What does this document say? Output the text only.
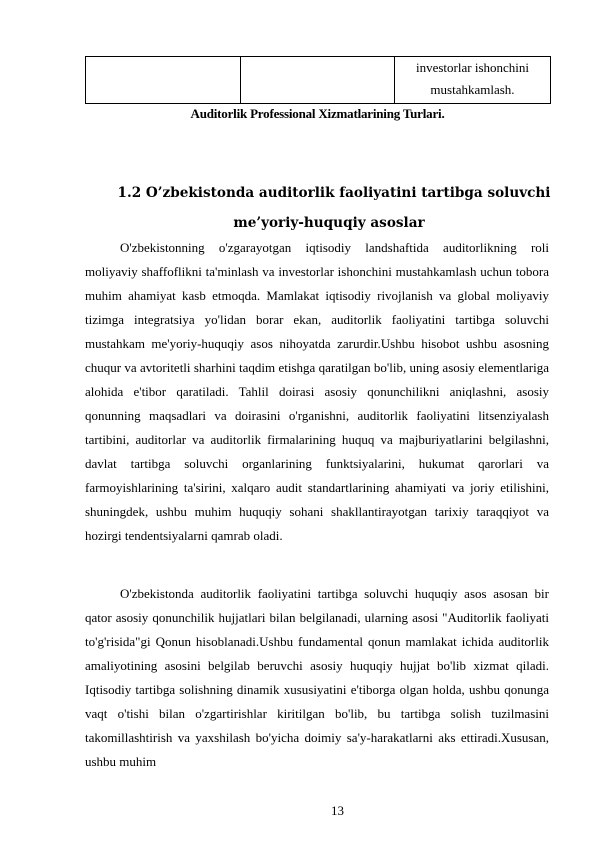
investorlar ishonchini
mustahkamlash.
Auditorlik Professional Xizmatlarining Turlari.
1.2 O’zbekistonda auditorlik faoliyatini tartibga soluvchi
me’yoriy-huquqiy asoslar

O'zbekistonning o'zgarayotgan iqtisodiy landshaftida auditorlikning roli moliyaviy shaffoflikni ta'minlash va investorlar ishonchini mustahkamlash uchun tobora muhim ahamiyat kasb etmoqda. Mamlakat iqtisodiy rivojlanish va global moliyaviy tizimga integratsiya yo'lidan borar ekan, auditorlik faoliyatini tartibga soluvchi mustahkam me'yoriy-huquqiy asos nihoyatda zarurdir.Ushbu hisobot ushbu asosning chuqur va avtoritetli sharhini taqdim etishga qaratilgan bo'lib, uning asosiy elementlariga alohida e'tibor qaratiladi. Tahlil doirasi asosiy qonunchilikni aniqlashni, asosiy qonunning maqsadlari va doirasini o'rganishni, auditorlik faoliyatini litsenziyalash tartibini, auditorlar va auditorlik firmalarining huquq va majburiyatlarini belgilashni, davlat tartibga soluvchi organlarining funktsiyalarini, hukumat qarorlari va farmoyishlarining ta'sirini, xalqaro audit standartlarining ahamiyati va joriy etilishini, shuningdek, ushbu muhim huquqiy sohani shakllantirayotgan tarixiy taraqqiyot va hozirgi tendentsiyalarni qamrab oladi.

O'zbekistonda auditorlik faoliyatini tartibga soluvchi huquqiy asos asosan bir qator asosiy qonunchilik hujjatlari bilan belgilanadi, ularning asosi "Auditorlik faoliyati to'g'risida"gi Qonun hisoblanadi.Ushbu fundamental qonun mamlakat ichida auditorlik amaliyotining asosini belgilab beruvchi asosiy huquqiy hujjat bo'lib xizmat qiladi. Iqtisodiy tartibga solishning dinamik xususiyatini e'tiborga olgan holda, ushbu qonunga vaqt o'tishi bilan o'zgartirishlar kiritilgan bo'lib, bu tartibga solish tuzilmasini takomillashtirish va yaxshilash bo'yicha doimiy sa'y-harakatlarni aks ettiradi.Xususan, ushbu muhim

13
